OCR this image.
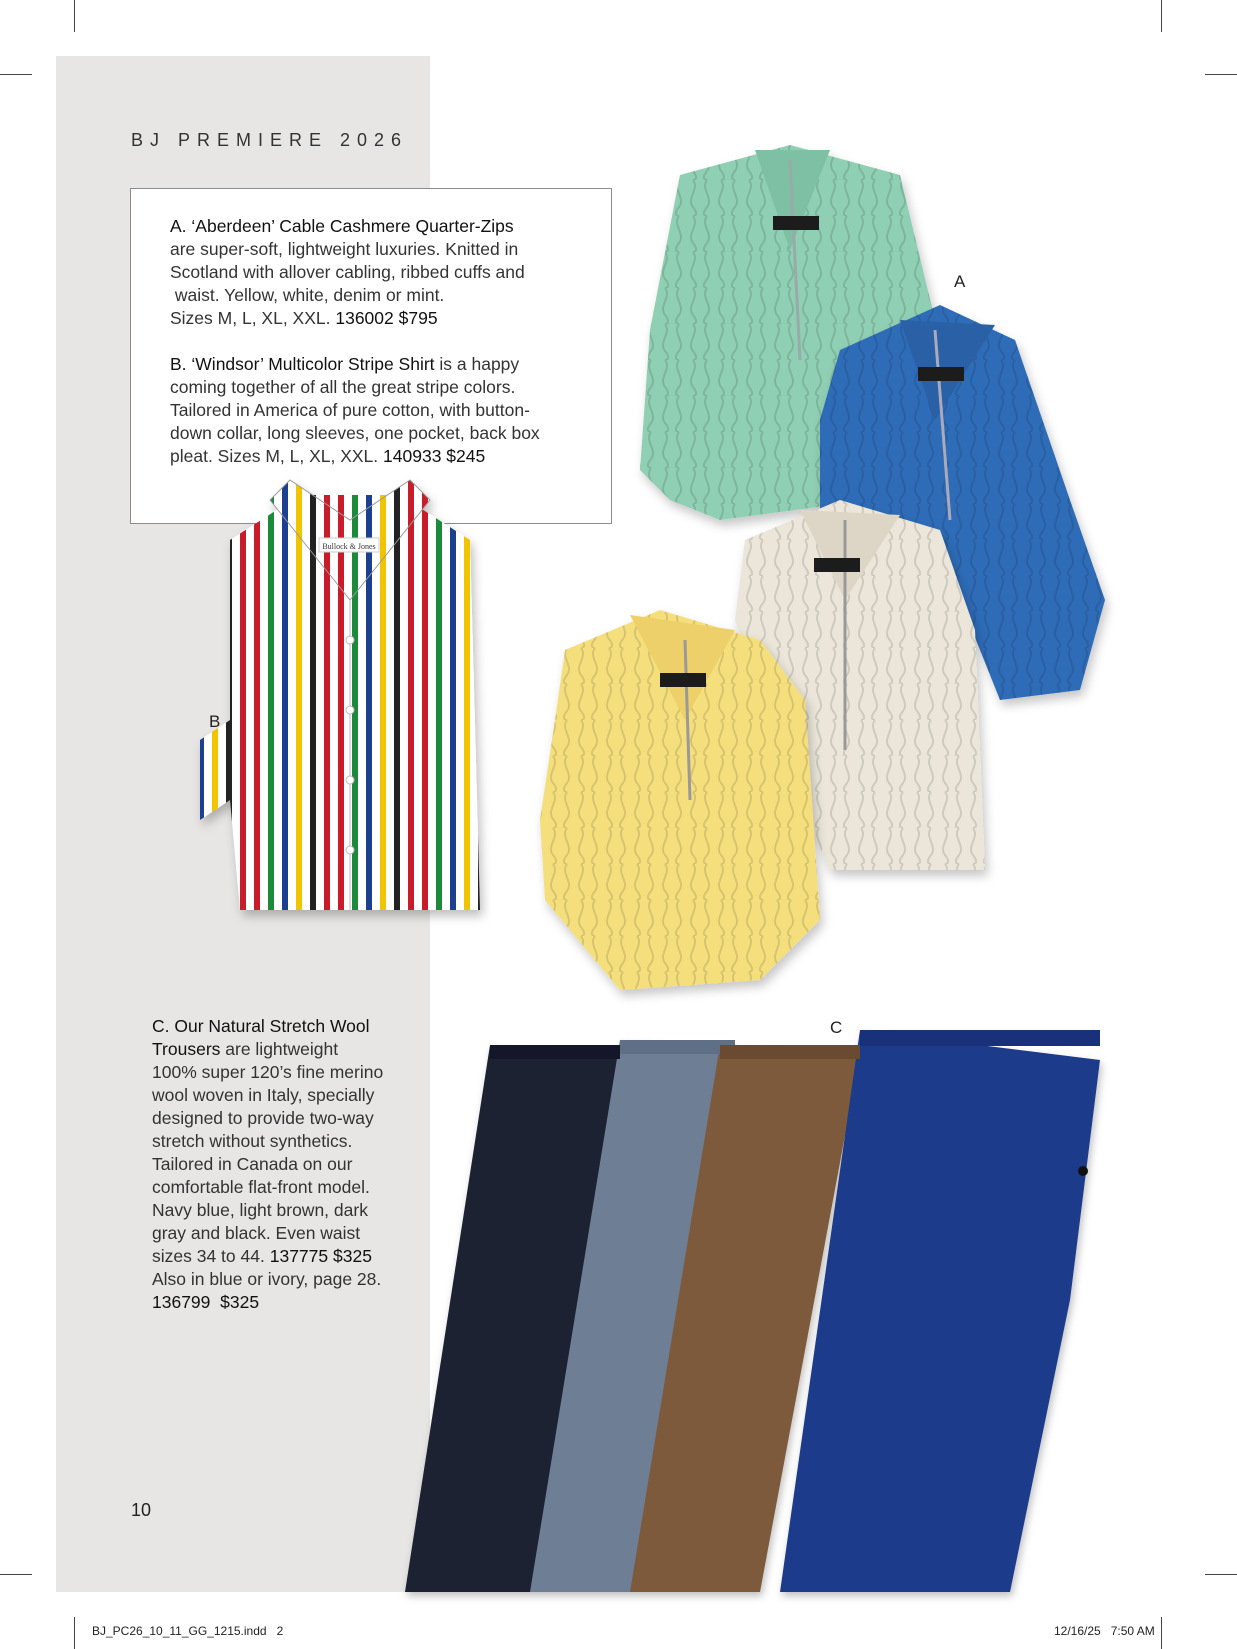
BJ PREMIERE 2026
A. ‘Aberdeen’ Cable Cashmere Quarter-Zips
are super-soft, lightweight luxuries. Knitted in
Scotland with allover cabling, ribbed cuffs and
waist. Yellow, white, denim or mint.
Sizes M, L, XL, XXL. 136002 $795
B. ‘Windsor’ Multicolor Stripe Shirt is a happy
coming together of all the great stripe colors.
Tailored in America of pure cotton, with button-
down collar, long sleeves, one pocket, back box
pleat. Sizes M, L, XL, XXL. 140933 $245
C. Our Natural Stretch Wool
Trousers are lightweight
100% super 120’s fine merino
wool woven in Italy, specially
designed to provide two-way
stretch without synthetics.
Tailored in Canada on our
comfortable flat-front model.
Navy blue, light brown, dark
gray and black. Even waist
sizes 34 to 44. 137775 $325
Also in blue or ivory, page 28.
136799  $325
Bullock & Jones
A
B
C
10
BJ_PC26_10_11_GG_1215.indd   2	12/16/25   7:50 AM
